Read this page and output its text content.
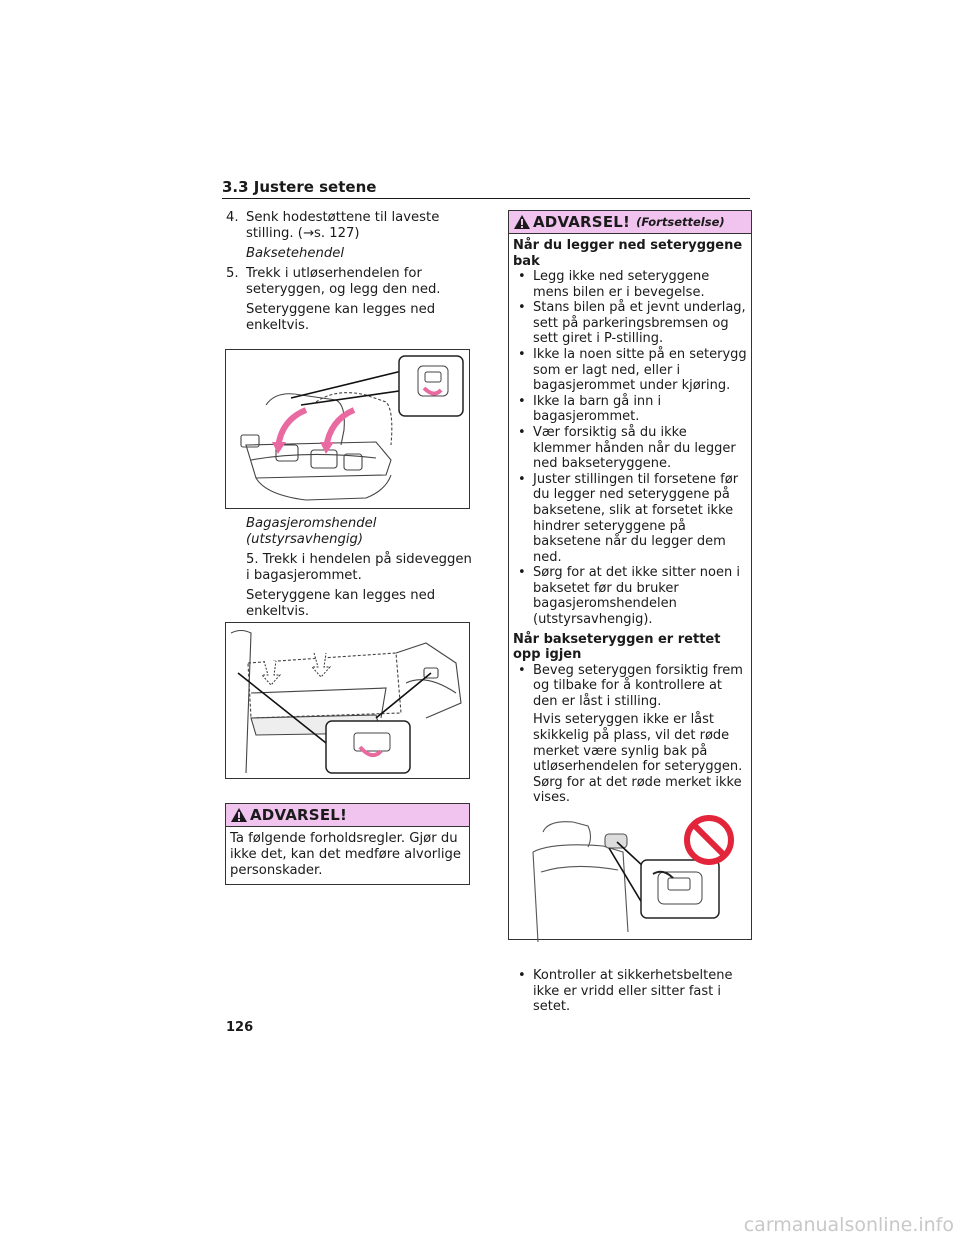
3.3 Justere setene
4. Senk hodestøttene til laveste stilling. (→s. 127)

Baksetehendel

5. Trekk i utløserhendelen for seteryggen, og legg den ned.

Seteryggene kan legges ned enkeltvis.

Bagasjeromshendel (utstyrsavhengig)

5. Trekk i hendelen på sideveggen i bagasjerommet.

Seteryggene kan legges ned enkeltvis.

ADVARSEL!
Ta følgende forholdsregler. Gjør du ikke det, kan det medføre alvorlige personskader.
ADVARSEL! (Fortsettelse)
Når du legger ned seteryggene bak
• Legg ikke ned seteryggene mens bilen er i bevegelse.
• Stans bilen på et jevnt underlag, sett på parkeringsbremsen og sett giret i P-stilling.
• Ikke la noen sitte på en seterygg som er lagt ned, eller i bagasjerommet under kjøring.
• Ikke la barn gå inn i bagasjerommet.
• Vær forsiktig så du ikke klemmer hånden når du legger ned bakseteryggene.
• Juster stillingen til forsetene før du legger ned seteryggene på baksetene, slik at forsetet ikke hindrer seteryggene på baksetene når du legger dem ned.
• Sørg for at det ikke sitter noen i baksetet før du bruker bagasjeromshendelen (utstyrsavhengig).
Når bakseteryggen er rettet opp igjen
• Beveg seteryggen forsiktig frem og tilbake for å kontrollere at den er låst i stilling.
Hvis seteryggen ikke er låst skikkelig på plass, vil det røde merket være synlig bak på utløserhendelen for seteryggen. Sørg for at det røde merket ikke vises.
• Kontroller at sikkerhetsbeltene ikke er vridd eller sitter fast i setet.
126
carmanualsonline.info
